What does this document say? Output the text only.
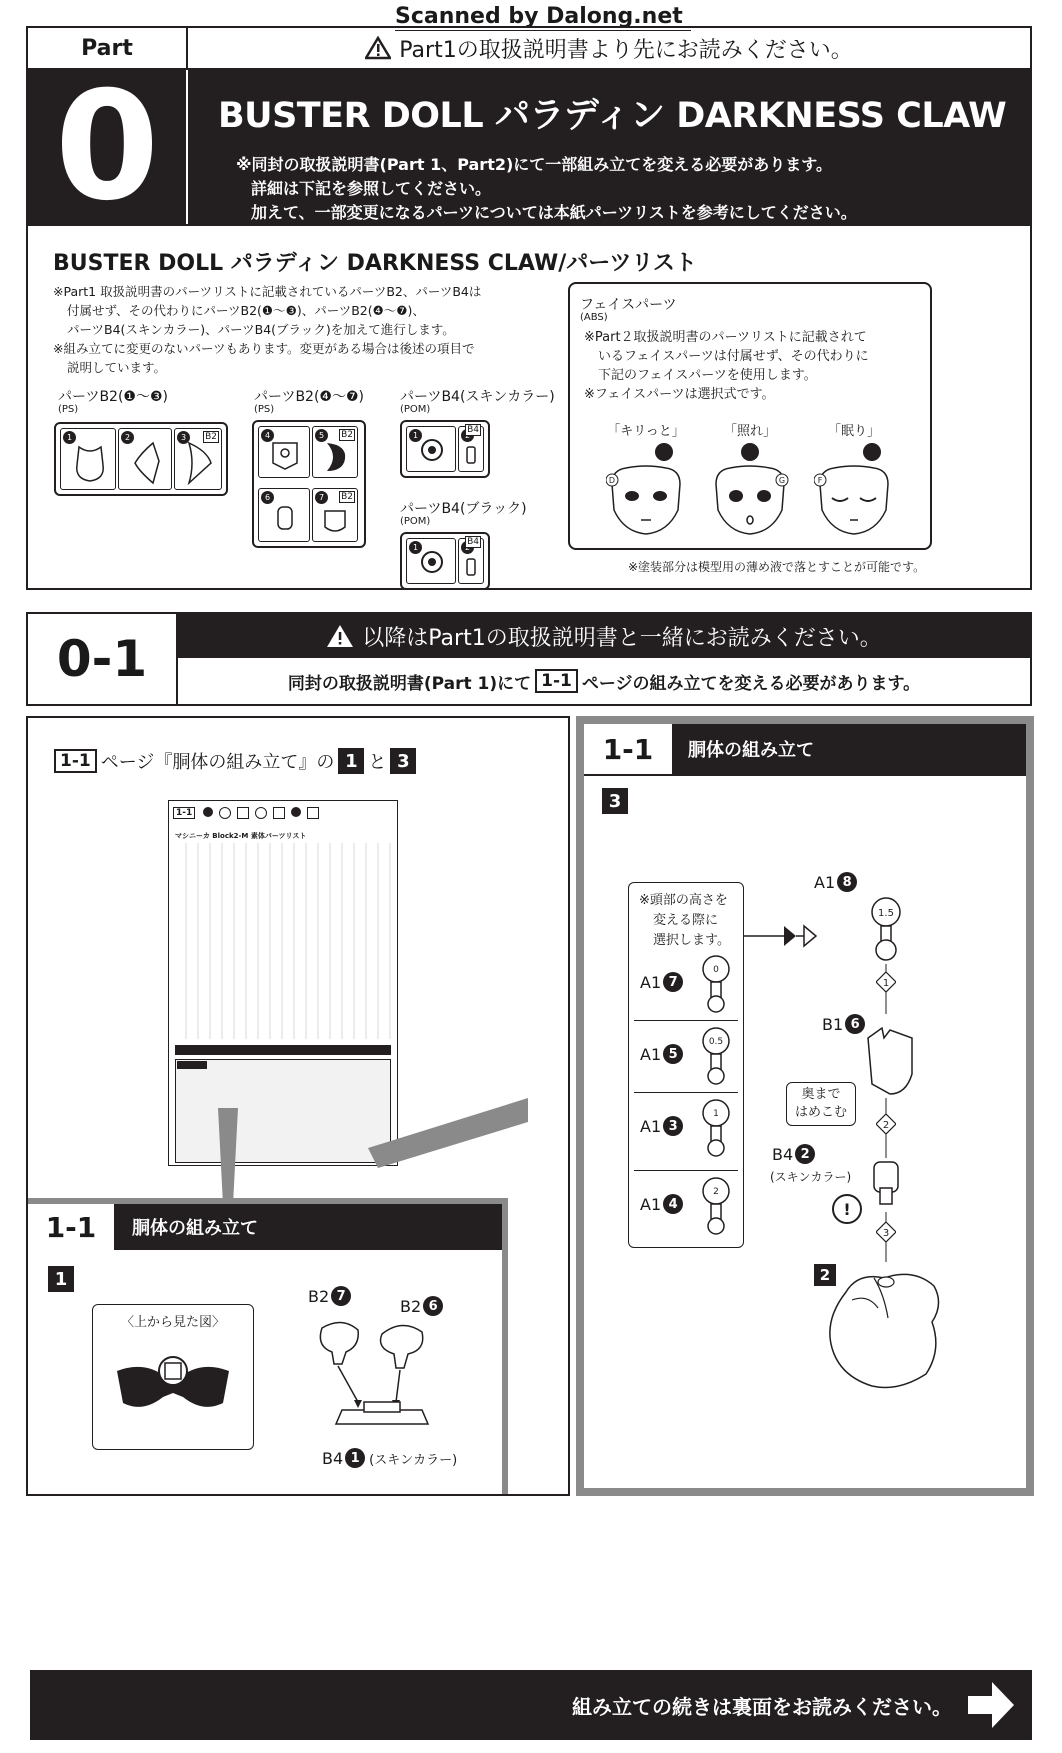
Scanned by Dalong.net
Part	Part1の取扱説明書より先にお読みください。
0 BUSTER DOLL パラディン DARKNESS CLAW
※同封の取扱説明書(Part 1、Part2)にて一部組み立てを変える必要があります。
詳細は下記を参照してください。
加えて、一部変更になるパーツについては本紙パーツリストを参考にしてください。
BUSTER DOLL パラディン DARKNESS CLAW/パーツリスト
※Part1 取扱説明書のパーツリストに記載されているパーツB2、パーツB4は
付属せず、その代わりにパーツB2(❶〜❸)、パーツB2(❹〜❼)、
パーツB4(スキンカラー)、パーツB4(ブラック)を加えて進行します。
※組み立てに変更のないパーツもあります。変更がある場合は後述の項目で
説明しています。
パーツB2(❶〜❸)
(PS)
1	2	3	B2
パーツB2(❹〜❼)
(PS)
4	5	B2
6	7	B2
パーツB4(スキンカラー)
(POM)
1
B4
パーツB4(ブラック)
(POM)
1
B4
フェイスパーツ
(ABS)
※Part２取扱説明書のパーツリストに記載されて
いるフェイスパーツは付属せず、その代わりに
下記のフェイスパーツを使用します。
※フェイスパーツは選択式です。
「キリっと」
D
「照れ」
G
「眠り」
F
※塗装部分は模型用の薄め液で落とすことが可能です。
0-1	以降はPart1の取扱説明書と一緒にお読みください。
同封の取扱説明書(Part 1)にて 1-1 ページの組み立てを変える必要があります。
1-1 ページ『胴体の組み立て』の 1 と 3
1-1
マシニーカ Block2-M 素体パーツリスト
1-1	胴体の組み立て
1
〈上から見た図〉
B2 7
B2 6
B4 1 (スキンカラー)
1-1	胴体の組み立て
3
※頭部の高さを
変える際に
選択します。
A1 7
0
A1 5
0.5
A1 3
1
A1 4
2
A1 8
1.5
1
B1 6
奥まで
はめこむ
2
B4 2
(スキンカラー)
!
3
2
組み立ての続きは裏面をお読みください。
